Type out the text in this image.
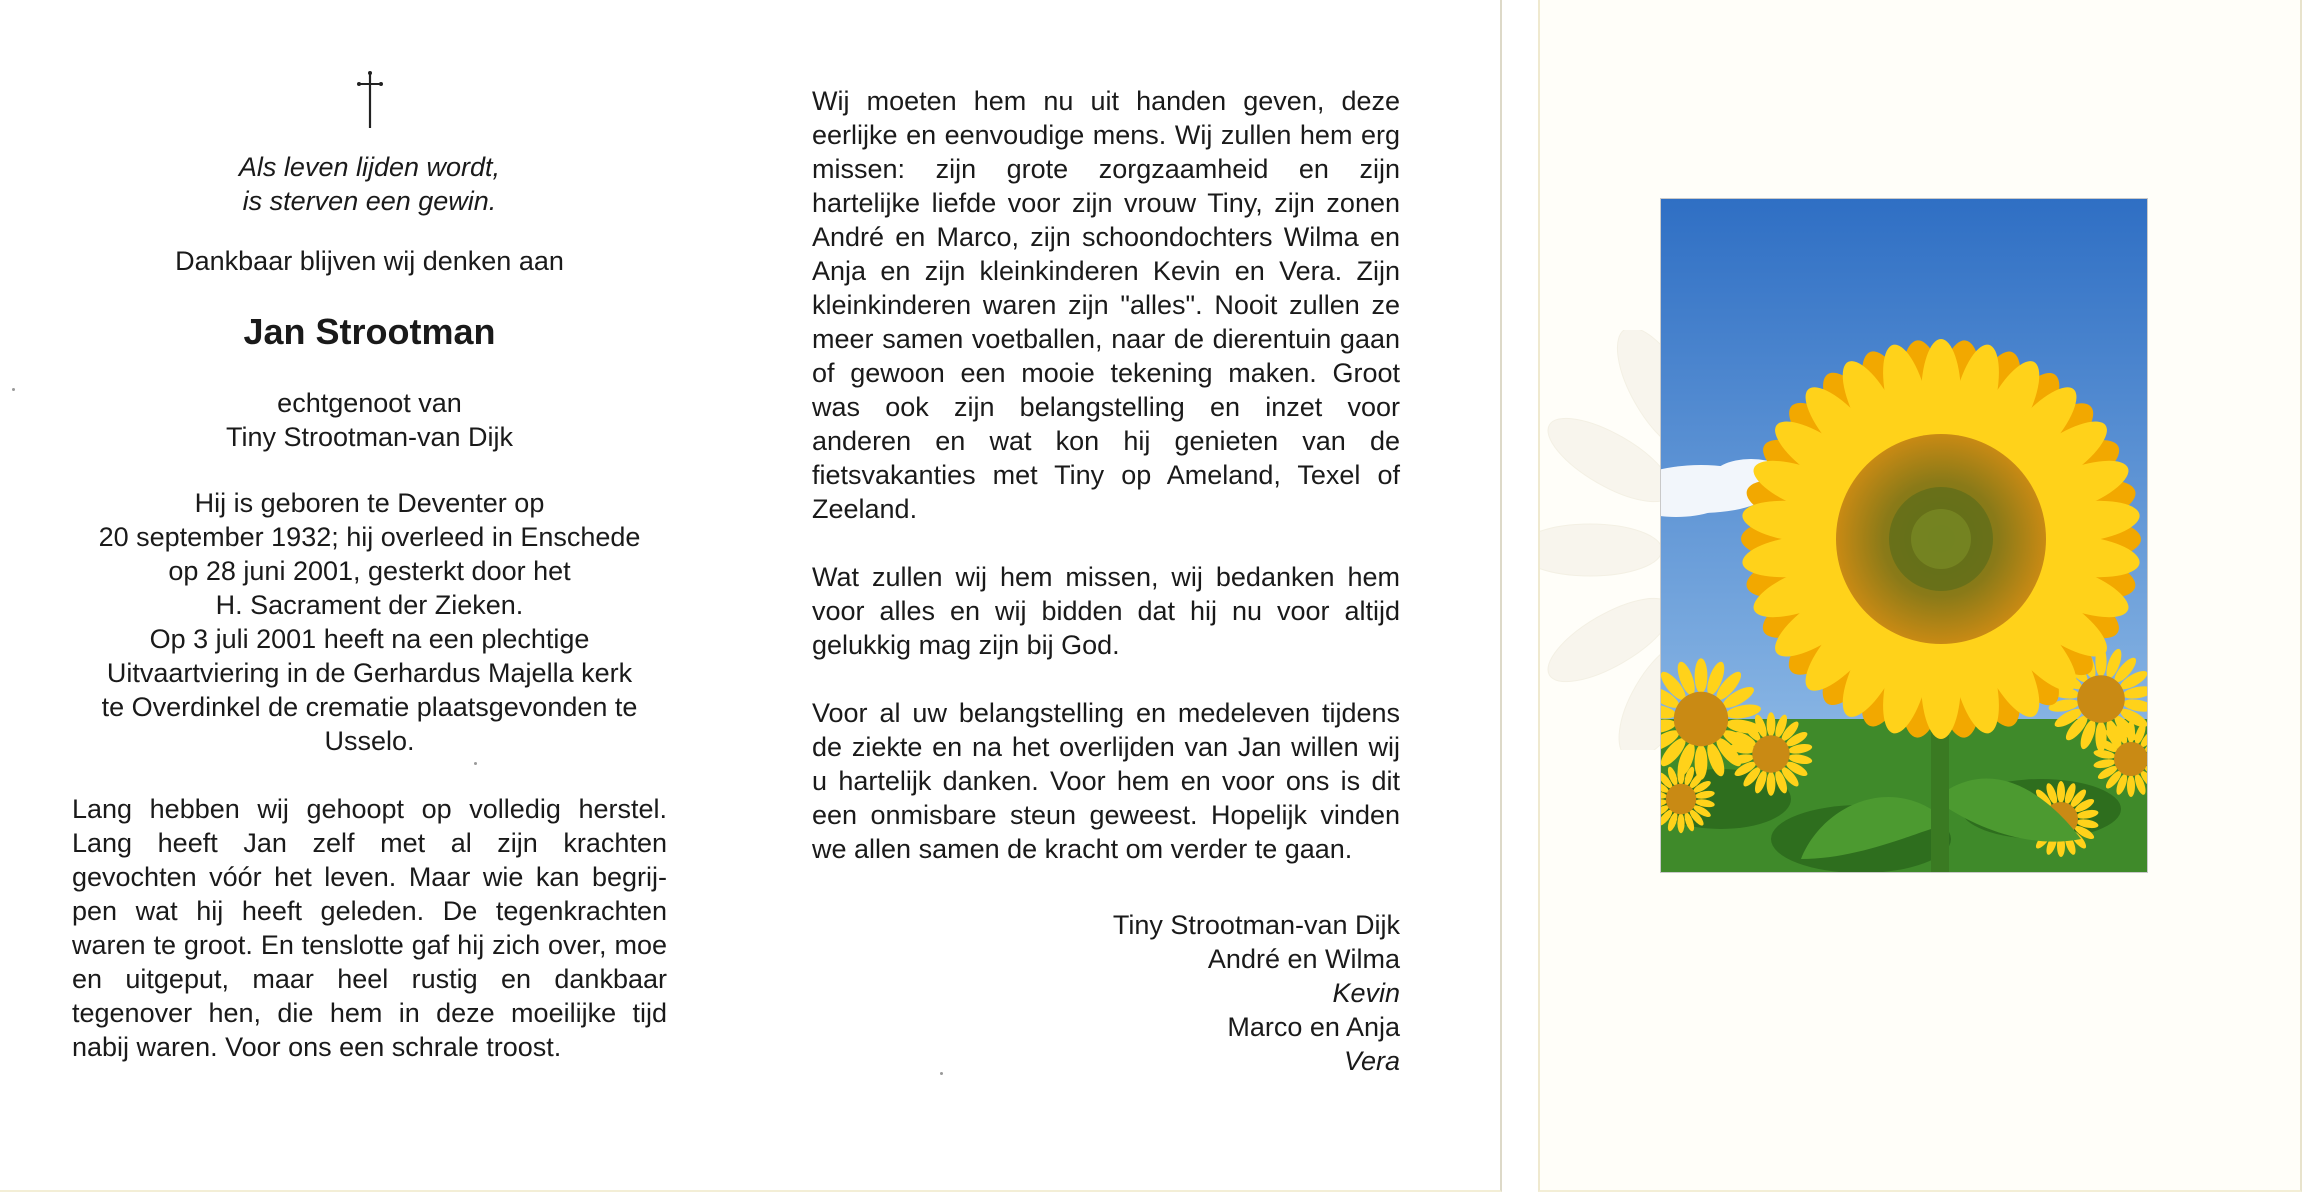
Als leven lijden wordt,
is sterven een gewin.
Dankbaar blijven wij denken aan
Jan Strootman
echtgenoot van
Tiny Strootman-van Dijk
Hij is geboren te Deventer op
20 september 1932; hij overleed in Enschede
op 28 juni 2001, gesterkt door het
H. Sacrament der Zieken.
Op 3 juli 2001 heeft na een plechtige
Uitvaartviering in de Gerhardus Majella kerk
te Overdinkel de crematie plaatsgevonden te
Usselo.
Lang hebben wij gehoopt op volledig herstel. Lang heeft Jan zelf met al zijn krachten gevochten vóór het leven. Maar wie kan begrij-pen wat hij heeft geleden. De tegenkrachten waren te groot. En tenslotte gaf hij zich over, moe en uitgeput, maar heel rustig en dankbaar tegenover hen, die hem in deze moeilijke tijd nabij waren. Voor ons een schrale troost.
Wij moeten hem nu uit handen geven, deze eerlijke en eenvoudige mens. Wij zullen hem erg missen: zijn grote zorgzaamheid en zijn hartelijke liefde voor zijn vrouw Tiny, zijn zonen André en Marco, zijn schoondochters Wilma en Anja en zijn kleinkinderen Kevin en Vera. Zijn kleinkinderen waren zijn "alles". Nooit zullen ze meer samen voetballen, naar de dierentuin gaan of gewoon een mooie tekening maken. Groot was ook zijn belangstelling en inzet voor anderen en wat kon hij genieten van de fietsvakanties met Tiny op Ameland, Texel of Zeeland.
Wat zullen wij hem missen, wij bedanken hem voor alles en wij bidden dat hij nu voor altijd gelukkig mag zijn bij God.
Voor al uw belangstelling en medeleven tijdens de ziekte en na het overlijden van Jan willen wij u hartelijk danken. Voor hem en voor ons is dit een onmisbare steun geweest. Hopelijk vinden we allen samen de kracht om verder te gaan.
Tiny Strootman-van Dijk
André en Wilma
Kevin
Marco en Anja
Vera
